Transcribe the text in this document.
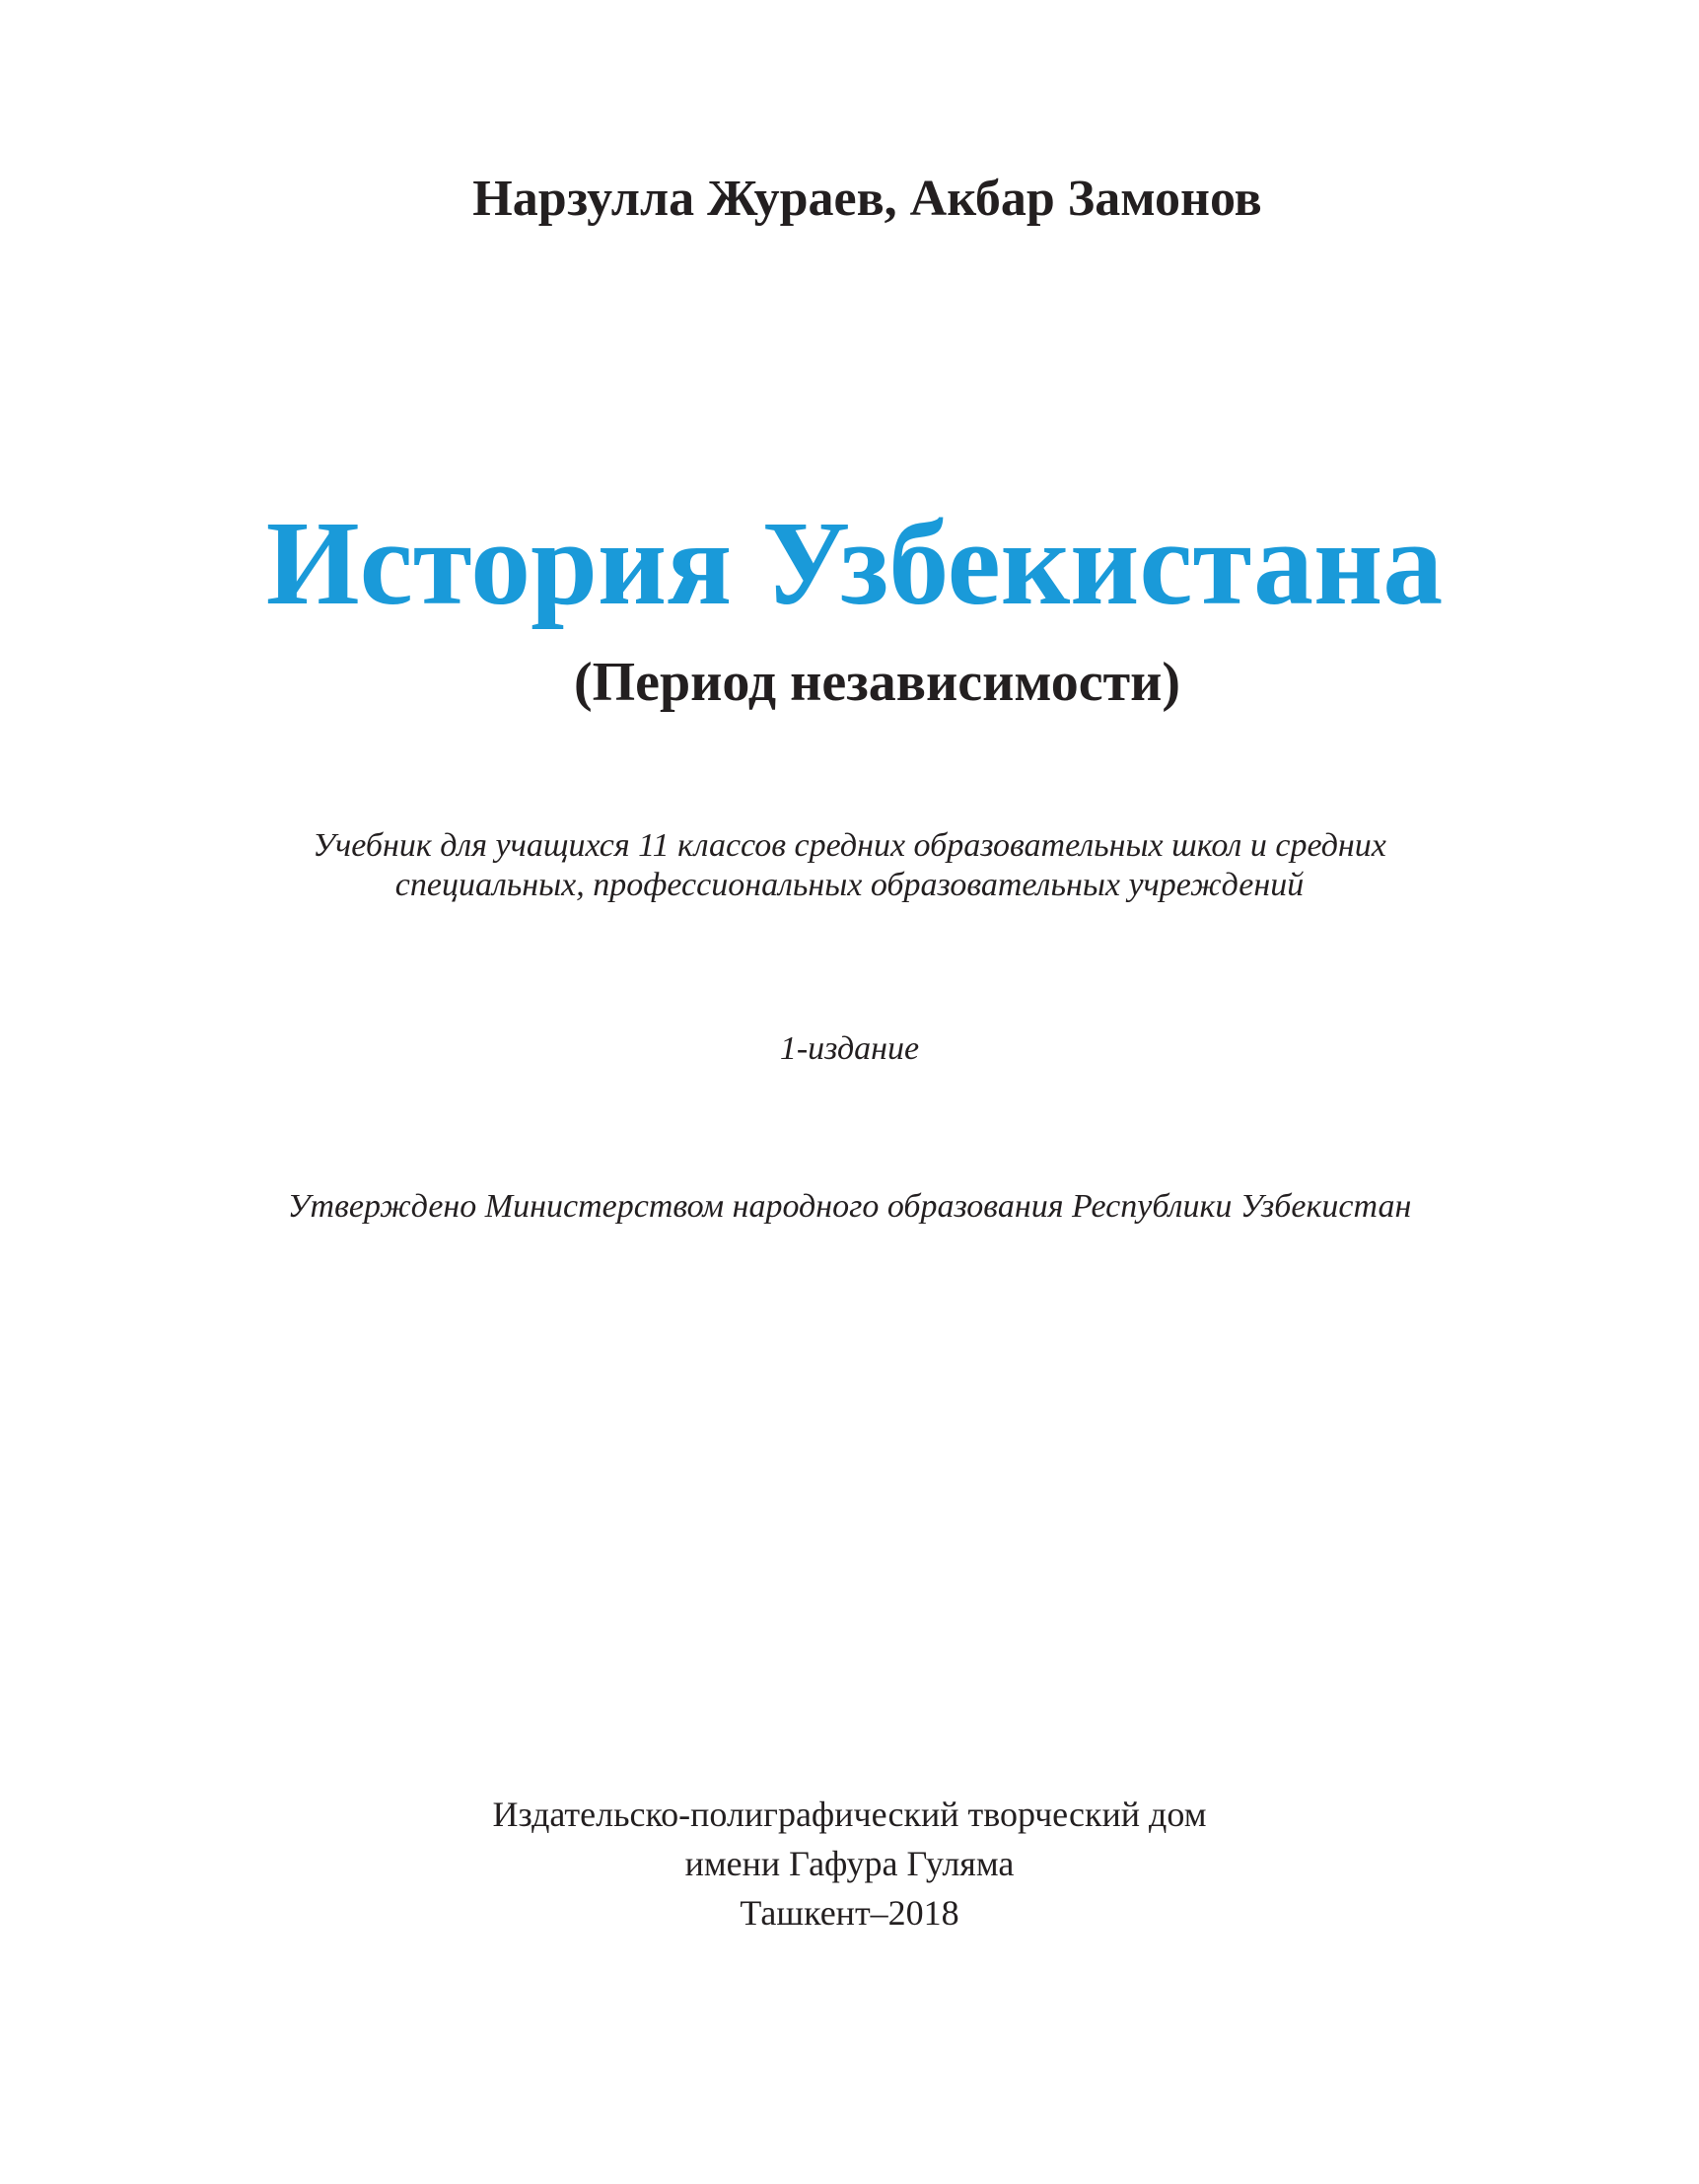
Нарзулла Жураев, Акбар Замонов
История Узбекистана
(Период независимости)
Учебник для учащихся 11 классов средних образовательных школ и средних
специальных, профессиональных образовательных учреждений
1-издание
Утверждено Министерством народного образования Республики Узбекистан
Издательско-полиграфический творческий дом
имени Гафура Гуляма
Ташкент–2018
